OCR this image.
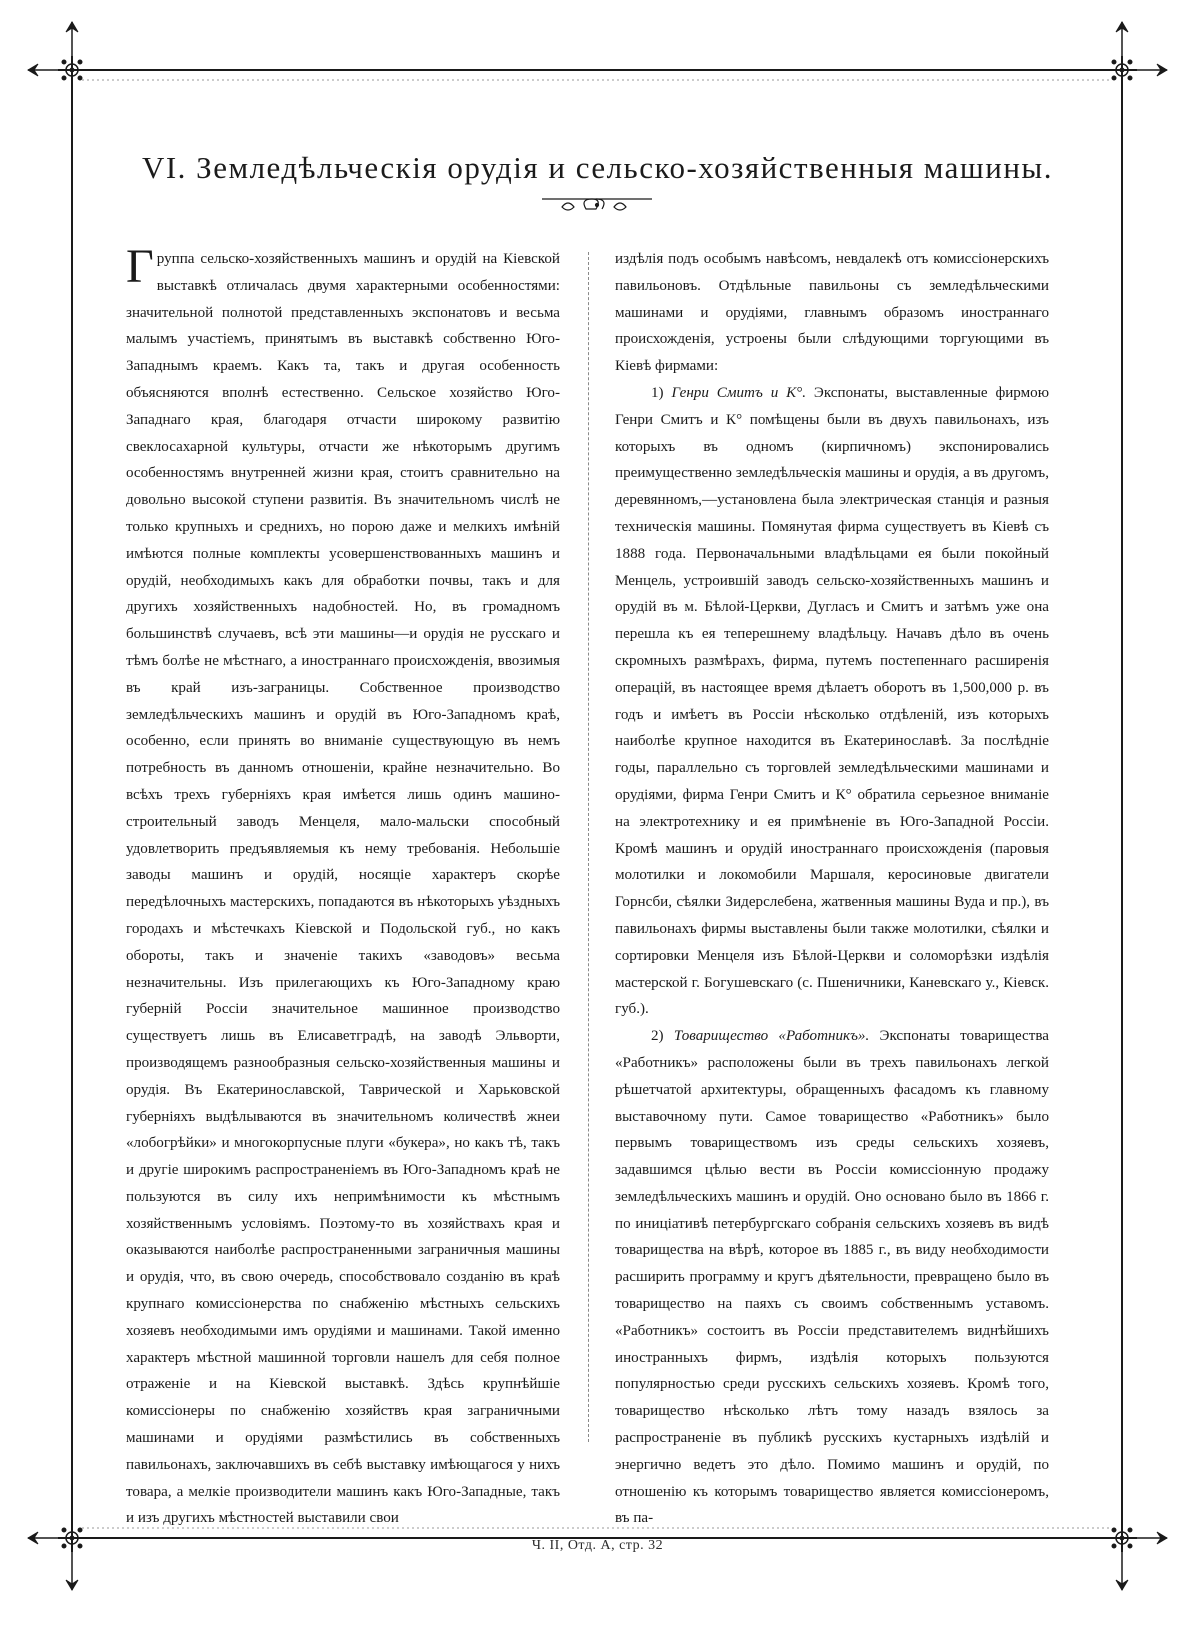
VI. Земледѣльческія орудія и сельско-хозяйственныя машины.

Группа сельско-хозяйственныхъ машинъ и орудій на Кіевской выставкѣ отличалась двумя характерными особенностями: значительной полнотой представленныхъ экспонатовъ и весьма малымъ участіемъ, принятымъ въ выставкѣ собственно Юго-Западнымъ краемъ. Какъ та, такъ и другая особенность объясняются вполнѣ естественно. Сельское хозяйство Юго-Западнаго края, благодаря отчасти широкому развитію свеклосахарной культуры, отчасти же нѣкоторымъ другимъ особенностямъ внутренней жизни края, стоитъ сравнительно на довольно высокой ступени развитія. Въ значительномъ числѣ не только крупныхъ и среднихъ, но порою даже и мелкихъ имѣній имѣются полные комплекты усовершенствованныхъ машинъ и орудій, необходимыхъ какъ для обработки почвы, такъ и для другихъ хозяйственныхъ надобностей. Но, въ громадномъ большинствѣ случаевъ, всѣ эти машины—и орудія не русскаго и тѣмъ болѣе не мѣстнаго, а иностраннаго происхожденія, ввозимыя въ край изъ-заграницы. Собственное производство земледѣльческихъ машинъ и орудій въ Юго-Западномъ краѣ, особенно, если принять во вниманіе существующую въ немъ потребность въ данномъ отношеніи, крайне незначительно. Во всѣхъ трехъ губерніяхъ края имѣется лишь одинъ машино-строительный заводъ Менцеля, мало-мальски способный удовлетворить предъявляемыя къ нему требованія. Небольшіе заводы машинъ и орудій, носящіе характеръ скорѣе передѣлочныхъ мастерскихъ, попадаются въ нѣкоторыхъ уѣздныхъ городахъ и мѣстечкахъ Кіевской и Подольской губ., но какъ обороты, такъ и значеніе такихъ «заводовъ» весьма незначительны. Изъ прилегающихъ къ Юго-Западному краю губерній Россіи значительное машинное производство существуетъ лишь въ Елисаветградѣ, на заводѣ Эльворти, производящемъ разнообразныя сельско-хозяйственныя машины и орудія. Въ Екатеринославской, Таврической и Харьковской губерніяхъ выдѣлываются въ значительномъ количествѣ жнеи «лобогрѣйки» и многокорпусные плуги «букера», но какъ тѣ, такъ и другіе широкимъ распространеніемъ въ Юго-Западномъ краѣ не пользуются въ силу ихъ непримѣнимости къ мѣстнымъ хозяйственнымъ условіямъ. Поэтому-то въ хозяйствахъ края и оказываются наиболѣе распространенными заграничныя машины и орудія, что, въ свою очередь, способствовало созданію въ краѣ крупнаго комиссіонерства по снабженію мѣстныхъ сельскихъ хозяевъ необходимыми имъ орудіями и машинами. Такой именно характеръ мѣстной машинной торговли нашелъ для себя полное отраженіе и на Кіевской выставкѣ. Здѣсь крупнѣйшіе комиссіонеры по снабженію хозяйствъ края заграничными машинами и орудіями размѣстились въ собственныхъ павильонахъ, заключавшихъ въ себѣ выставку имѣющагося у нихъ товара, а мелкіе производители машинъ какъ Юго-Западные, такъ и изъ другихъ мѣстностей выставили свои

издѣлія подъ особымъ навѣсомъ, невдалекѣ отъ комиссіонерскихъ павильоновъ. Отдѣльные павильоны съ земледѣльческими машинами и орудіями, главнымъ образомъ иностраннаго происхожденія, устроены были слѣдующими торгующими въ Кіевѣ фирмами:

1) Генри Смитъ и К°. Экспонаты, выставленные фирмою Генри Смитъ и К° помѣщены были въ двухъ павильонахъ, изъ которыхъ въ одномъ (кирпичномъ) экспонировались преимущественно земледѣльческія машины и орудія, а въ другомъ, деревянномъ,—установлена была электрическая станція и разныя техническія машины. Помянутая фирма существуетъ въ Кіевѣ съ 1888 года. Первоначальными владѣльцами ея были покойный Менцель, устроившій заводъ сельско-хозяйственныхъ машинъ и орудій въ м. Бѣлой-Церкви, Дугласъ и Смитъ и затѣмъ уже она перешла къ ея теперешнему владѣльцу. Начавъ дѣло въ очень скромныхъ размѣрахъ, фирма, путемъ постепеннаго расширенія операцій, въ настоящее время дѣлаетъ оборотъ въ 1,500,000 р. въ годъ и имѣетъ въ Россіи нѣсколько отдѣленій, изъ которыхъ наиболѣе крупное находится въ Екатеринославѣ. За послѣдніе годы, параллельно съ торговлей земледѣльческими машинами и орудіями, фирма Генри Смитъ и К° обратила серьезное вниманіе на электротехнику и ея примѣненіе въ Юго-Западной Россіи. Кромѣ машинъ и орудій иностраннаго происхожденія (паровыя молотилки и локомобили Маршаля, керосиновые двигатели Горнсби, сѣялки Зидерслебена, жатвенныя машины Вуда и пр.), въ павильонахъ фирмы выставлены были также молотилки, сѣялки и сортировки Менцеля изъ Бѣлой-Церкви и соломорѣзки издѣлія мастерской г. Богушевскаго (с. Пшеничники, Каневскаго у., Кіевск. губ.).

2) Товарищество «Работникъ». Экспонаты товарищества «Работникъ» расположены были въ трехъ павильонахъ легкой рѣшетчатой архитектуры, обращенныхъ фасадомъ къ главному выставочному пути. Самое товарищество «Работникъ» было первымъ товариществомъ изъ среды сельскихъ хозяевъ, задавшимся цѣлью вести въ Россіи комиссіонную продажу земледѣльческихъ машинъ и орудій. Оно основано было въ 1866 г. по иниціативѣ петербургскаго собранія сельскихъ хозяевъ въ видѣ товарищества на вѣрѣ, которое въ 1885 г., въ виду необходимости расширить программу и кругъ дѣятельности, превращено было въ товарищество на паяхъ съ своимъ собственнымъ уставомъ. «Работникъ» состоитъ въ Россіи представителемъ виднѣйшихъ иностранныхъ фирмъ, издѣлія которыхъ пользуются популярностью среди русскихъ сельскихъ хозяевъ. Кромѣ того, товарищество нѣсколько лѣтъ тому назадъ взялось за распространеніе въ публикѣ русскихъ кустарныхъ издѣлій и энергично ведетъ это дѣло. Помимо машинъ и орудій, по отношенію къ которымъ товарищество является комиссіонеромъ, въ па-

Ч. II, Отд. А, стр. 32
